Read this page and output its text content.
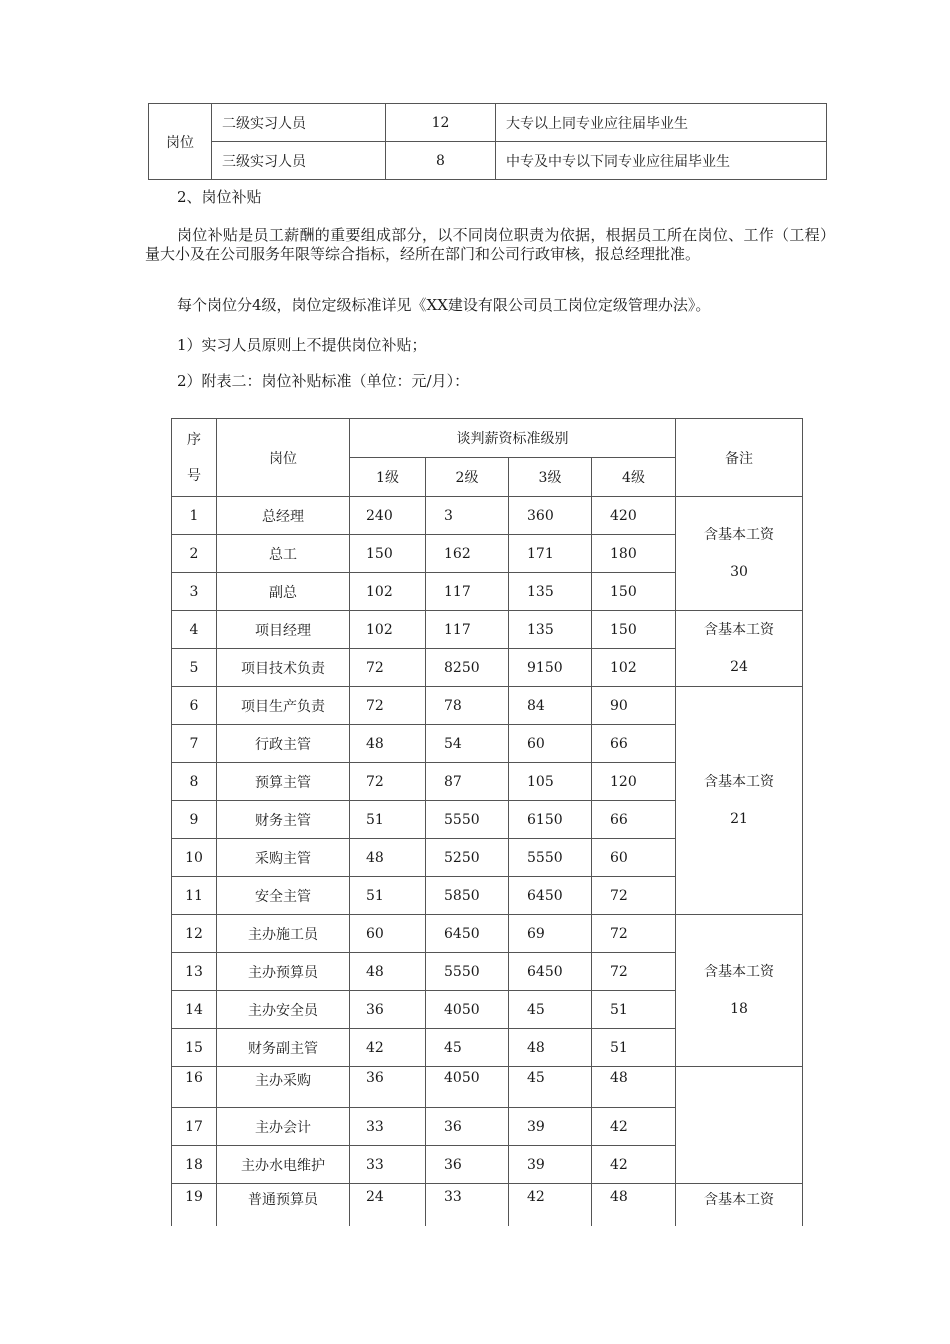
岗位	二级实习人员	12	大专以上同专业应往届毕业生
	三级实习人员	8	中专及中专以下同专业应往届毕业生
2、岗位补贴
岗位补贴是员工薪酬的重要组成部分，以不同岗位职责为依据，根据员工所在岗位、工作（工程）量大小及在公司服务年限等综合指标，经所在部门和公司行政审核，报总经理批准。
每个岗位分4级，岗位定级标准详见《XX建设有限公司员工岗位定级管理办法》。
1）实习人员原则上不提供岗位补贴；
2）附表二：岗位补贴标准（单位：元/月）：
序
号	岗位	谈判薪资标准级别				备注
		1级	2级	3级	4级	
1	总经理	240	3	360	420	含基本工资
30

2	总工	150	162	171	180	
3	副总	102	117	135	150	
4	项目经理	102	117	135	150	含基本工资
24

5	项目技术负责	72	8250	9150	102	
6	项目生产负责	72	78	84	90	含基本工资
21

7	行政主管	48	54	60	66	
8	预算主管	72	87	105	120	
9	财务主管	51	5550	6150	66	
10	采购主管	48	5250	5550	60	
11	安全主管	51	5850	6450	72	
12	主办施工员	60	6450	69	72	含基本工资
18

13	主办预算员	48	5550	6450	72	
14	主办安全员	36	4050	45	51	
15	财务副主管	42	45	48	51	
16	主办采购	36	4050	45	48	

17	主办会计	33	36	39	42	
18	主办水电维护	33	36	39	42	
19	普通预算员	24	33	42	48	含基本工资
